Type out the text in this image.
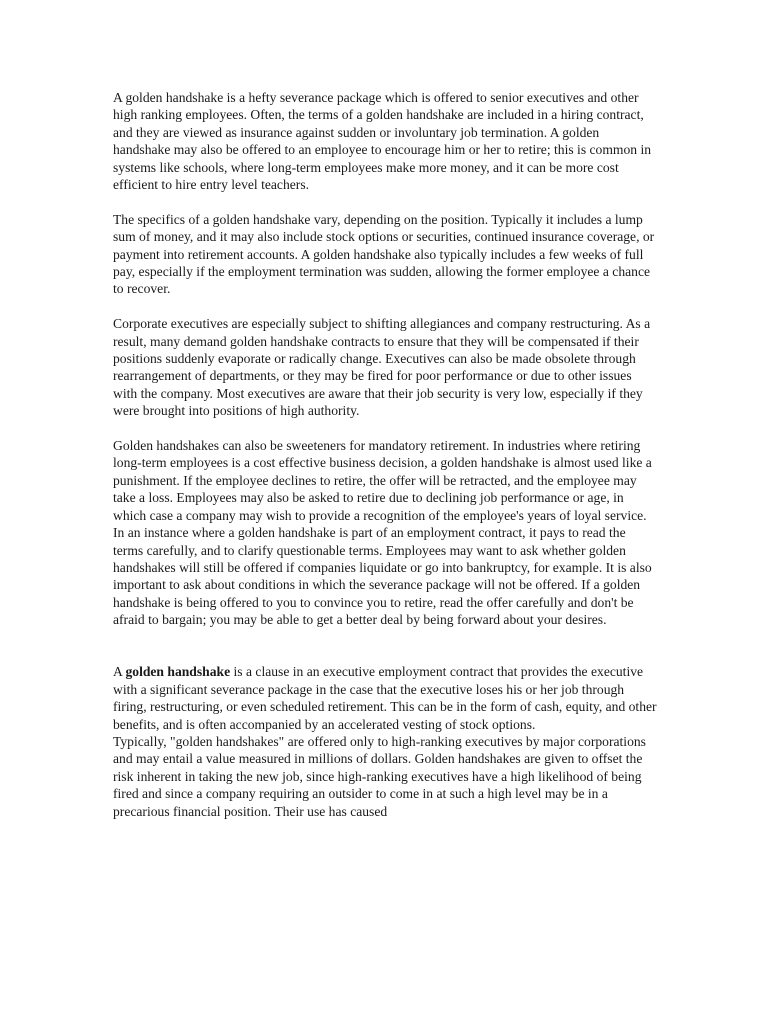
A golden handshake is a hefty severance package which is offered to senior executives and other high ranking employees. Often, the terms of a golden handshake are included in a hiring contract, and they are viewed as insurance against sudden or involuntary job termination. A golden handshake may also be offered to an employee to encourage him or her to retire; this is common in systems like schools, where long-term employees make more money, and it can be more cost efficient to hire entry level teachers.

The specifics of a golden handshake vary, depending on the position. Typically it includes a lump sum of money, and it may also include stock options or securities, continued insurance coverage, or payment into retirement accounts. A golden handshake also typically includes a few weeks of full pay, especially if the employment termination was sudden, allowing the former employee a chance to recover.

Corporate executives are especially subject to shifting allegiances and company restructuring. As a result, many demand golden handshake contracts to ensure that they will be compensated if their positions suddenly evaporate or radically change. Executives can also be made obsolete through rearrangement of departments, or they may be fired for poor performance or due to other issues with the company. Most executives are aware that their job security is very low, especially if they were brought into positions of high authority.

Golden handshakes can also be sweeteners for mandatory retirement. In industries where retiring long-term employees is a cost effective business decision, a golden handshake is almost used like a punishment. If the employee declines to retire, the offer will be retracted, and the employee may take a loss. Employees may also be asked to retire due to declining job performance or age, in which case a company may wish to provide a recognition of the employee's years of loyal service.

In an instance where a golden handshake is part of an employment contract, it pays to read the terms carefully, and to clarify questionable terms. Employees may want to ask whether golden handshakes will still be offered if companies liquidate or go into bankruptcy, for example. It is also important to ask about conditions in which the severance package will not be offered. If a golden handshake is being offered to you to convince you to retire, read the offer carefully and don't be afraid to bargain; you may be able to get a better deal by being forward about your desires.

A golden handshake is a clause in an executive employment contract that provides the executive with a significant severance package in the case that the executive loses his or her job through firing, restructuring, or even scheduled retirement. This can be in the form of cash, equity, and other benefits, and is often accompanied by an accelerated vesting of stock options.

Typically, "golden handshakes" are offered only to high-ranking executives by major corporations and may entail a value measured in millions of dollars. Golden handshakes are given to offset the risk inherent in taking the new job, since high-ranking executives have a high likelihood of being fired and since a company requiring an outsider to come in at such a high level may be in a precarious financial position. Their use has caused
